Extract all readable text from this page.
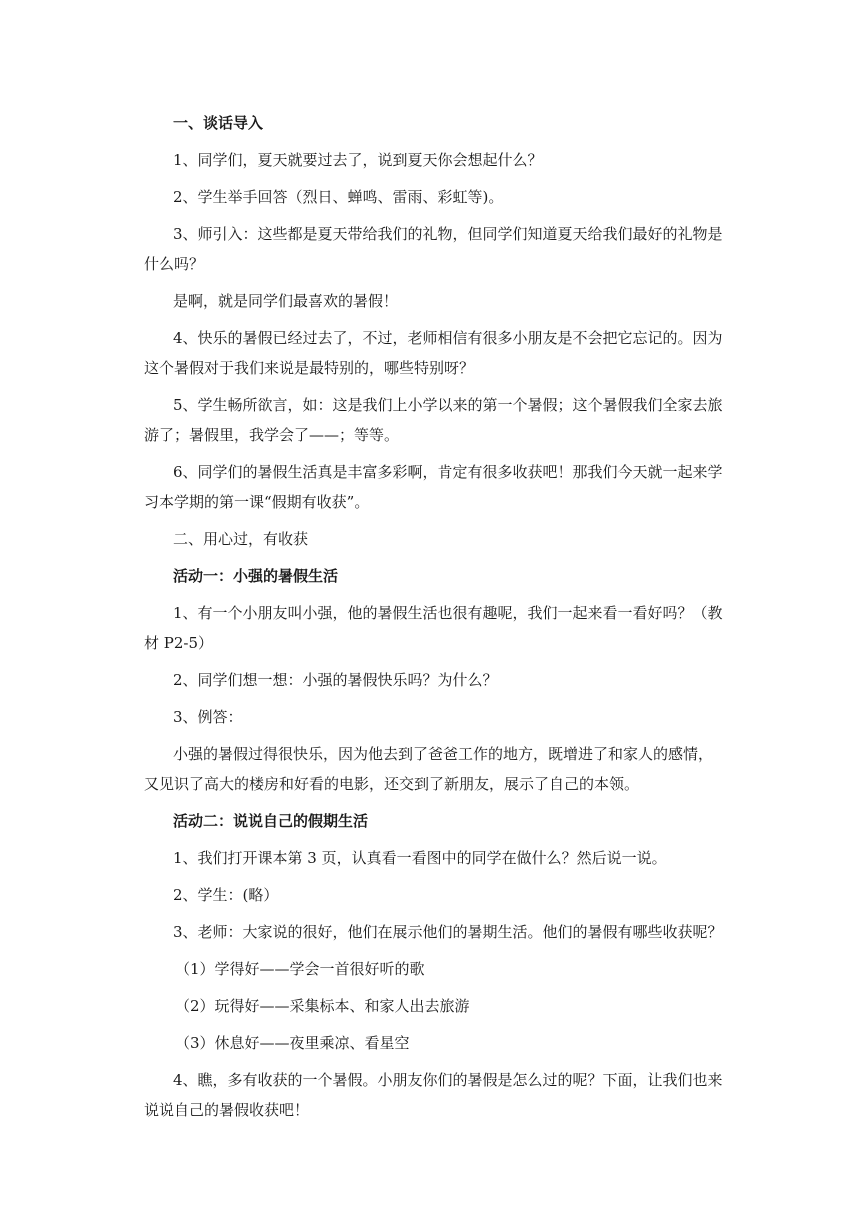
一、谈话导入

1、同学们，夏天就要过去了，说到夏天你会想起什么？

2、学生举手回答（烈日、蝉鸣、雷雨、彩虹等)。

3、师引入：这些都是夏天带给我们的礼物，但同学们知道夏天给我们最好的礼物是什么吗？

是啊，就是同学们最喜欢的暑假！

4、快乐的暑假已经过去了，不过，老师相信有很多小朋友是不会把它忘记的。因为这个暑假对于我们来说是最特别的，哪些特别呀？

5、学生畅所欲言，如：这是我们上小学以来的第一个暑假；这个暑假我们全家去旅游了；暑假里，我学会了——；等等。

6、同学们的暑假生活真是丰富多彩啊，肯定有很多收获吧！那我们今天就一起来学习本学期的第一课“假期有收获”。

二、用心过，有收获

活动一：小强的暑假生活

1、有一个小朋友叫小强，他的暑假生活也很有趣呢，我们一起来看一看好吗？（教材 P2-5）

2、同学们想一想：小强的暑假快乐吗？为什么？

3、例答：

小强的暑假过得很快乐，因为他去到了爸爸工作的地方，既增进了和家人的感情，又见识了高大的楼房和好看的电影，还交到了新朋友，展示了自己的本领。

活动二：说说自己的假期生活

1、我们打开课本第 3 页，认真看一看图中的同学在做什么？然后说一说。

2、学生：(略）

3、老师：大家说的很好，他们在展示他们的暑期生活。他们的暑假有哪些收获呢？

（1）学得好——学会一首很好听的歌

（2）玩得好——采集标本、和家人出去旅游

（3）休息好——夜里乘凉、看星空

4、瞧，多有收获的一个暑假。小朋友你们的暑假是怎么过的呢？下面，让我们也来说说自己的暑假收获吧！
